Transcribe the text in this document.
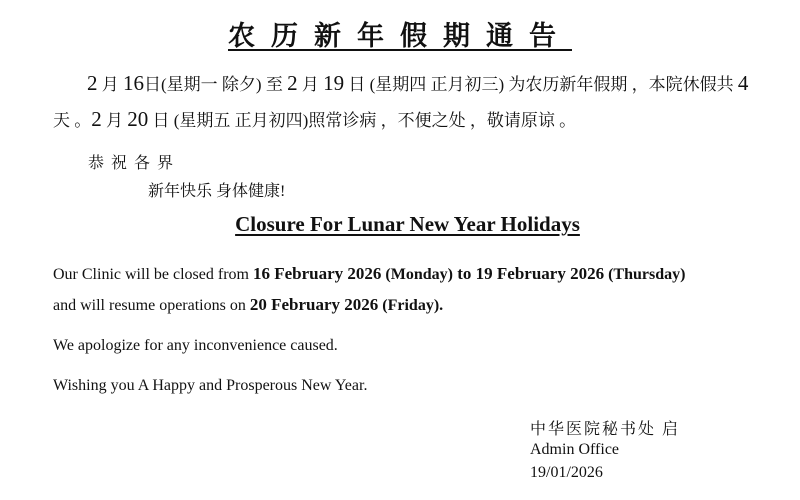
农历新年假期通告

2 月 16日(星期一 除夕) 至 2 月 19 日 (星期四 正月初三) 为农历新年假期 ，本院休假共 4 天 。2 月 20 日 (星期五 正月初四)照常诊病 ，不便之处 ，敬请原谅 。

恭祝各界

新年快乐 身体健康!

Closure For Lunar New Year Holidays

Our Clinic will be closed from 16 February 2026 (Monday) to 19 February 2026 (Thursday)
and will resume operations on 20 February 2026 (Friday).

We apologize for any inconvenience caused.

Wishing you A Happy and Prosperous New Year.

中华医院秘书处 启

Admin Office

19/01/2026
